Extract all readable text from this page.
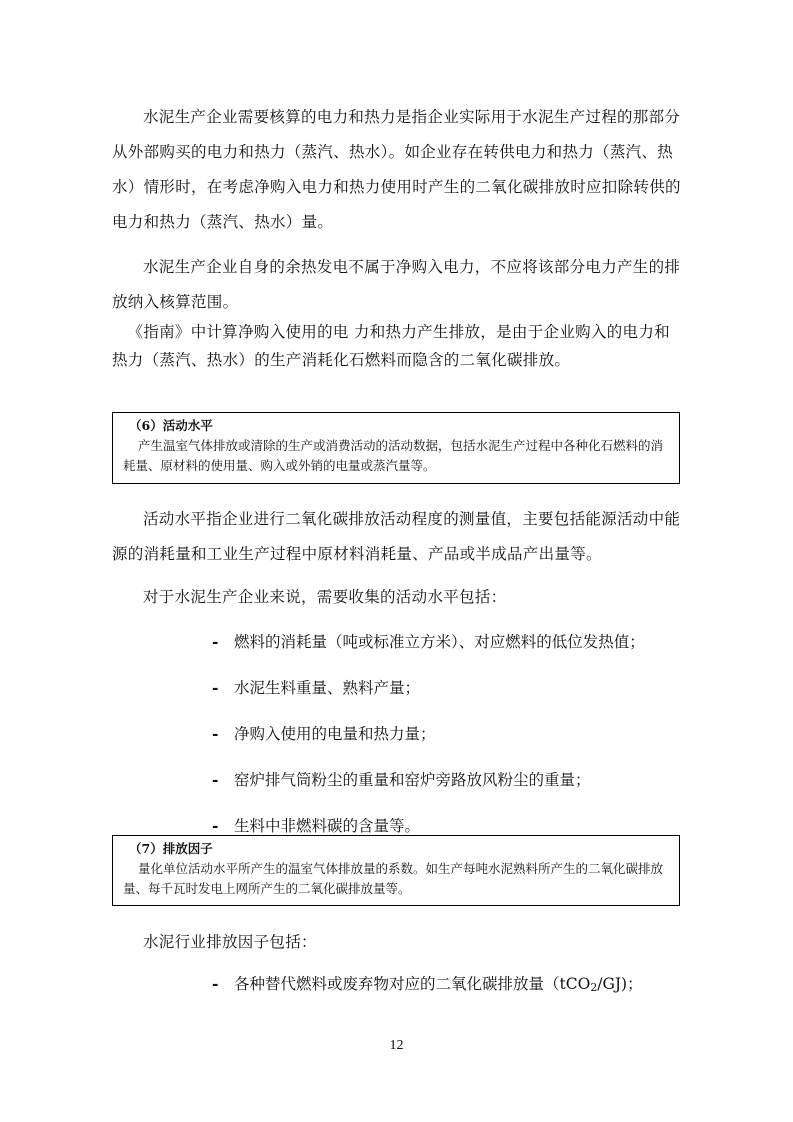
水泥生产企业需要核算的电力和热力是指企业实际用于水泥生产过程的那部分从外部购买的电力和热力（蒸汽、热水）。如企业存在转供电力和热力（蒸汽、热水）情形时，在考虑净购入电力和热力使用时产生的二氧化碳排放时应扣除转供的电力和热力（蒸汽、热水）量。

水泥生产企业自身的余热发电不属于净购入电力，不应将该部分电力产生的排放纳入核算范围。

《指南》中计算净购入使用的电 力和热力产生排放，是由于企业购入的电力和热力（蒸汽、热水）的生产消耗化石燃料而隐含的二氧化碳排放。

（6）活动水平
产生温室气体排放或清除的生产或消费活动的活动数据，包括水泥生产过程中各种化石燃料的消耗量、原材料的使用量、购入或外销的电量或蒸汽量等。

活动水平指企业进行二氧化碳排放活动程度的测量值，主要包括能源活动中能源的消耗量和工业生产过程中原材料消耗量、产品或半成品产出量等。

对于水泥生产企业来说，需要收集的活动水平包括：

- 燃料的消耗量（吨或标准立方米）、对应燃料的低位发热值；
- 水泥生料重量、熟料产量；
- 净购入使用的电量和热力量；
- 窑炉排气筒粉尘的重量和窑炉旁路放风粉尘的重量；
- 生料中非燃料碳的含量等。
（7）排放因子
量化单位活动水平所产生的温室气体排放量的系数。如生产每吨水泥熟料所产生的二氧化碳排放量、每千瓦时发电上网所产生的二氧化碳排放量等。

水泥行业排放因子包括：

- 各种替代燃料或废弃物对应的二氧化碳排放量（tCO$_2$/GJ)；
12
